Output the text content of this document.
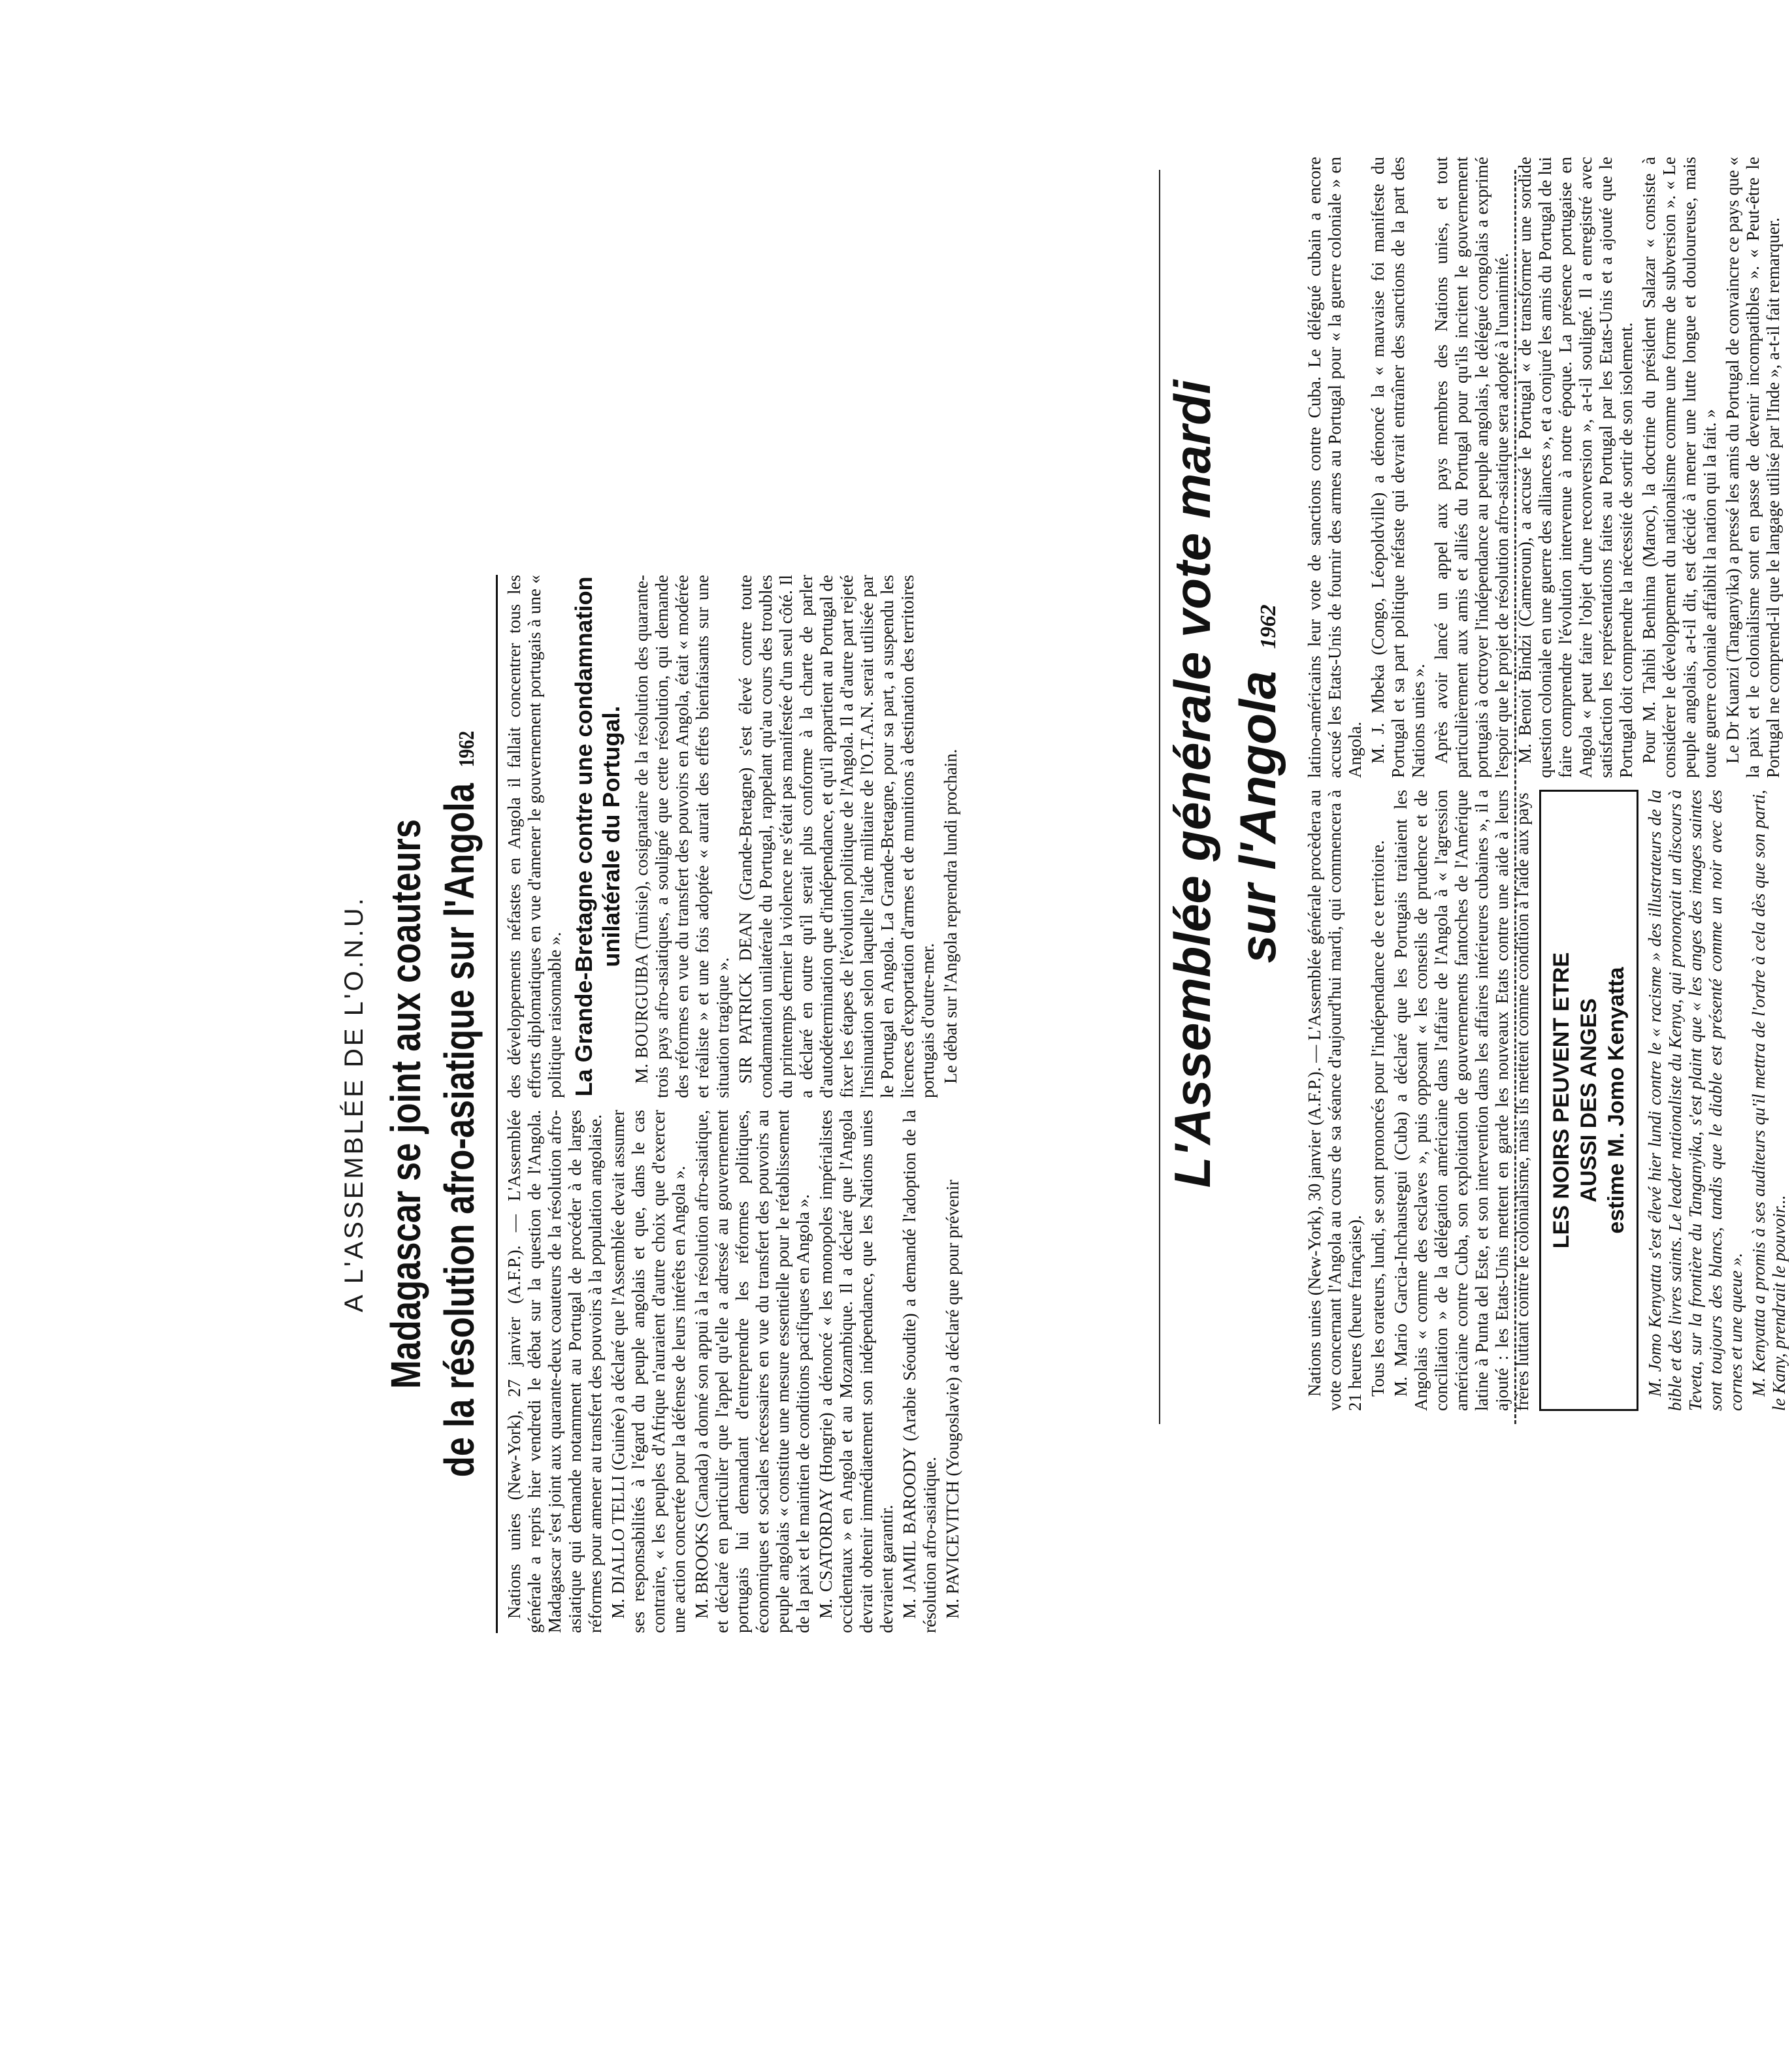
A L'ASSEMBLÉE DE L'O.N.U. Madagascar se joint aux coauteurs de la résolution afro-asiatique sur l'Angola 1962

Nations unies (New-York), 27 janvier (A.F.P.). — L'Assemblée générale a repris hier vendredi le débat sur la question de l'Angola. Madagascar s'est joint aux quarante-deux coauteurs de la résolution afro-asiatique qui demande notamment au Portugal de procéder à de larges réformes pour amener au transfert des pouvoirs à la population angolaise. M. DIALLO TELLI (Guinée) a déclaré que l'Assemblée devait assumer ses responsabilités à l'égard du peuple angolais et que, dans le cas contraire, « les peuples d'Afrique n'auraient d'autre choix que d'exercer une action concertée pour la défense de leurs intérêts en Angola ». M. BROOKS (Canada) a donné son appui à la résolution afro-asiatique, et déclaré en particulier que l'appel qu'elle a adressé au gouvernement portugais lui demandant d'entreprendre les réformes politiques, économiques et sociales nécessaires en vue du transfert des pouvoirs au peuple angolais « constitue une mesure essentielle pour le rétablissement de la paix et le maintien de conditions pacifiques en Angola ». M. CSATORDAY (Hongrie) a dénoncé « les monopoles impérialistes occidentaux » en Angola et au Mozambique. Il a déclaré que l'Angola devrait obtenir immédiatement son indépendance, que les Nations unies devraient garantir. M. JAMIL BAROODY (Arabie Séoudite) a demandé l'adoption de la résolution afro-asiatique. M. PAVICEVITCH (Yougoslavie) a déclaré que pour prévenir

des développements néfastes en Angola il fallait concentrer tous les efforts diplomatiques en vue d'amener le gouvernement portugais à une « politique raisonnable ». La Grande-Bretagne contre une condamnation unilatérale du Portugal. M. BOURGUIBA (Tunisie), cosignataire de la résolution des quarante-trois pays afro-asiatiques, a souligné que cette résolution, qui demande des réformes en vue du transfert des pouvoirs en Angola, était « modérée et réaliste » et une fois adoptée « aurait des effets bienfaisants sur une situation tragique ». SIR PATRICK DEAN (Grande-Bretagne) s'est élevé contre toute condamnation unilatérale du Portugal, rappelant qu'au cours des troubles du printemps dernier la violence ne s'était pas manifestée d'un seul côté. Il a déclaré en outre qu'il serait plus conforme à la charte de parler d'autodétermination que d'indépendance, et qu'il appartient au Portugal de fixer les étapes de l'évolution politique de l'Angola. Il a d'autre part rejeté l'insinuation selon laquelle l'aide militaire de l'O.T.A.N. serait utilisée par le Portugal en Angola. La Grande-Bretagne, pour sa part, a suspendu les licences d'exportation d'armes et de munitions à destination des territoires portugais d'outre-mer. Le débat sur l'Angola reprendra lundi prochain.	L'Assemblée générale vote mardi sur l'Angola 1962

Nations unies (New-York), 30 janvier (A.F.P.). — L'Assemblée générale procèdera au vote concernant l'Angola au cours de sa séance d'aujourd'hui mardi, qui commencera à 21 heures (heure française). Tous les orateurs, lundi, se sont prononcés pour l'indépendance de ce territoire. M. Mario Garcia-Inchaustegui (Cuba) a déclaré que les Portugais traitaient les Angolais « comme des esclaves », puis opposant « les conseils de prudence et de conciliation » de la délégation américaine dans l'affaire de l'Angola à « l'agression américaine contre Cuba, son exploitation de gouvernements fantoches de l'Amérique latine à Punta del Este, et son intervention dans les affaires intérieures cubaines », il a ajouté : les Etats-Unis mettent en garde les nouveaux Etats contre une aide à leurs frères luttant contre le colonialisme, mais ils mettent comme condition à l'aide aux pays LES NOIRS PEUVENT ETRE AUSSI DES ANGES estime M. Jomo Kenyatta M. Jomo Kenyatta s'est élevé hier lundi contre le « racisme » des illustrateurs de la bible et des livres saints. Le leader nationaliste du Kenya, qui prononçait un discours à Teveta, sur la frontière du Tanganyika, s'est plaint que « les anges des images saintes sont toujours des blancs, tandis que le diable est présenté comme un noir avec des cornes et une queue ». M. Kenyatta a promis à ses auditeurs qu'il mettra de l'ordre à cela dès que son parti, le Kany, prendrait le pouvoir...

latino-américains leur vote de sanctions contre Cuba. Le délégué cubain a encore accusé les Etats-Unis de fournir des armes au Portugal pour « la guerre coloniale » en Angola. M. J. Mbeka (Congo, Léopoldville) a dénoncé la « mauvaise foi manifeste du Portugal et sa part politique néfaste qui devrait entraîner des sanctions de la part des Nations unies ». Après avoir lancé un appel aux pays membres des Nations unies, et tout particulièrement aux amis et alliés du Portugal pour qu'ils incitent le gouvernement portugais à octroyer l'indépendance au peuple angolais, le délégué congolais a exprimé l'espoir que le projet de résolution afro-asiatique sera adopté à l'unanimité. M. Benoit Bindzi (Cameroun), a accusé le Portugal « de transformer une sordide question coloniale en une guerre des alliances », et a conjuré les amis du Portugal de lui faire comprendre l'évolution intervenue à notre époque. La présence portugaise en Angola « peut faire l'objet d'une reconversion », a-t-il souligné. Il a enregistré avec satisfaction les représentations faites au Portugal par les Etats-Unis et a ajouté que le Portugal doit comprendre la nécessité de sortir de son isolement. Pour M. Tahibi Benhima (Maroc), la doctrine du président Salazar « consiste à considérer le développement du nationalisme comme une forme de subversion ». « Le peuple angolais, a-t-il dit, est décidé à mener une lutte longue et douloureuse, mais toute guerre coloniale affaiblit la nation qui la fait. » Le Dr Kuanzi (Tanganyika) a pressé les amis du Portugal de convaincre ce pays que « la paix et le colonialisme sont en passe de devenir incompatibles ». « Peut-être le Portugal ne comprend-il que le langage utilisé par l'Inde », a-t-il fait remarquer.
